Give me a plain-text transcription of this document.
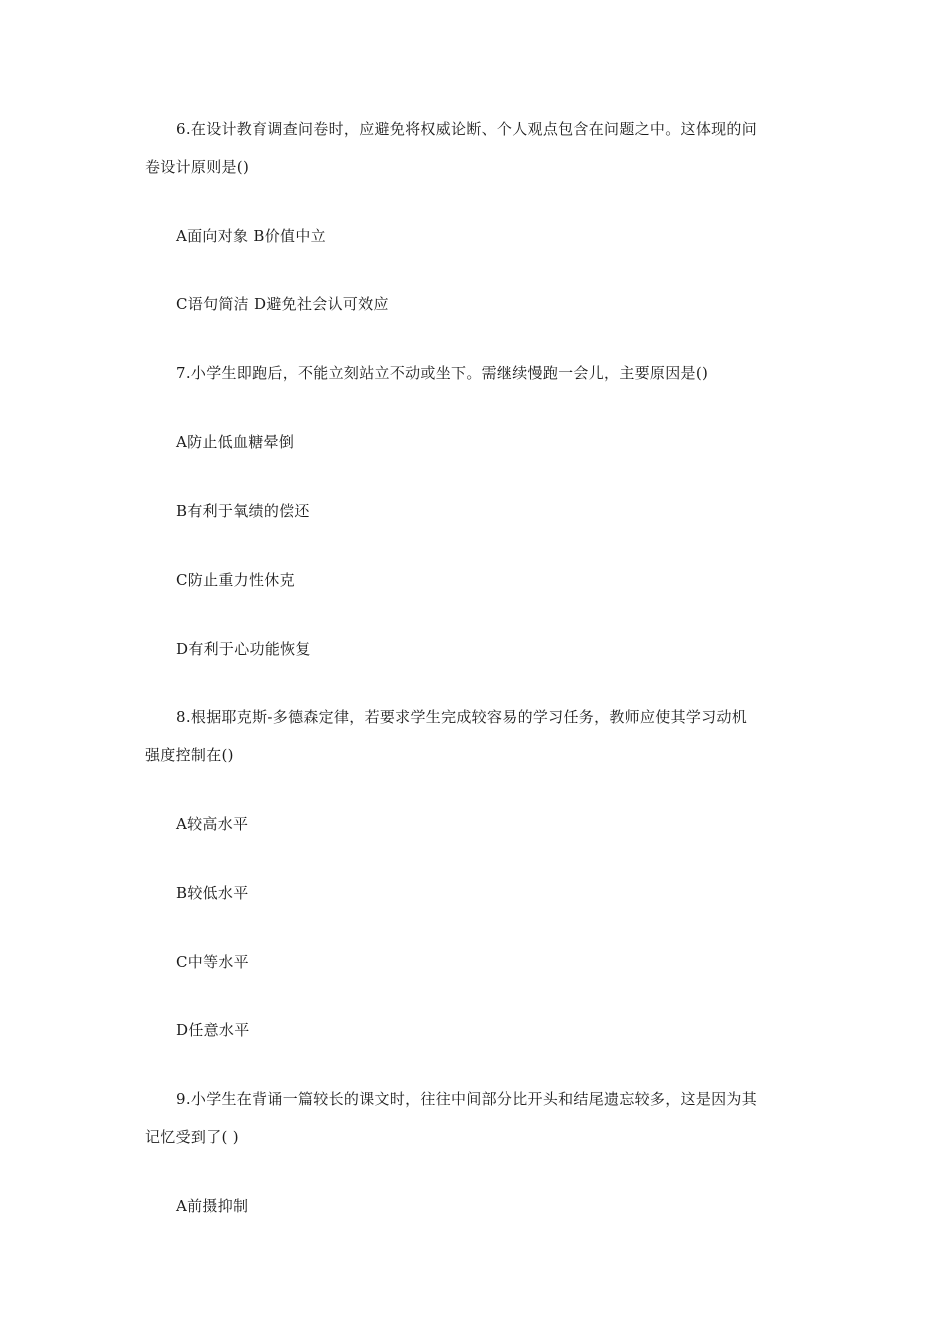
6.在设计教育调查问卷时，应避免将权威论断、个人观点包含在问题之中。这体现的问
卷设计原则是()
A面向对象 B价值中立
C语句简洁 D避免社会认可效应
7.小学生即跑后，不能立刻站立不动或坐下。需继续慢跑一会儿，主要原因是()
A防止低血糖晕倒
B有利于氧绩的偿还
C防止重力性休克
D有利于心功能恢复
8.根据耶克斯-多德森定律，若要求学生完成较容易的学习任务，教师应使其学习动机
强度控制在()
A较高水平
B较低水平
C中等水平
D任意水平
9.小学生在背诵一篇较长的课文时，往往中间部分比开头和结尾遗忘较多，这是因为其
记忆受到了( )
A前摄抑制
